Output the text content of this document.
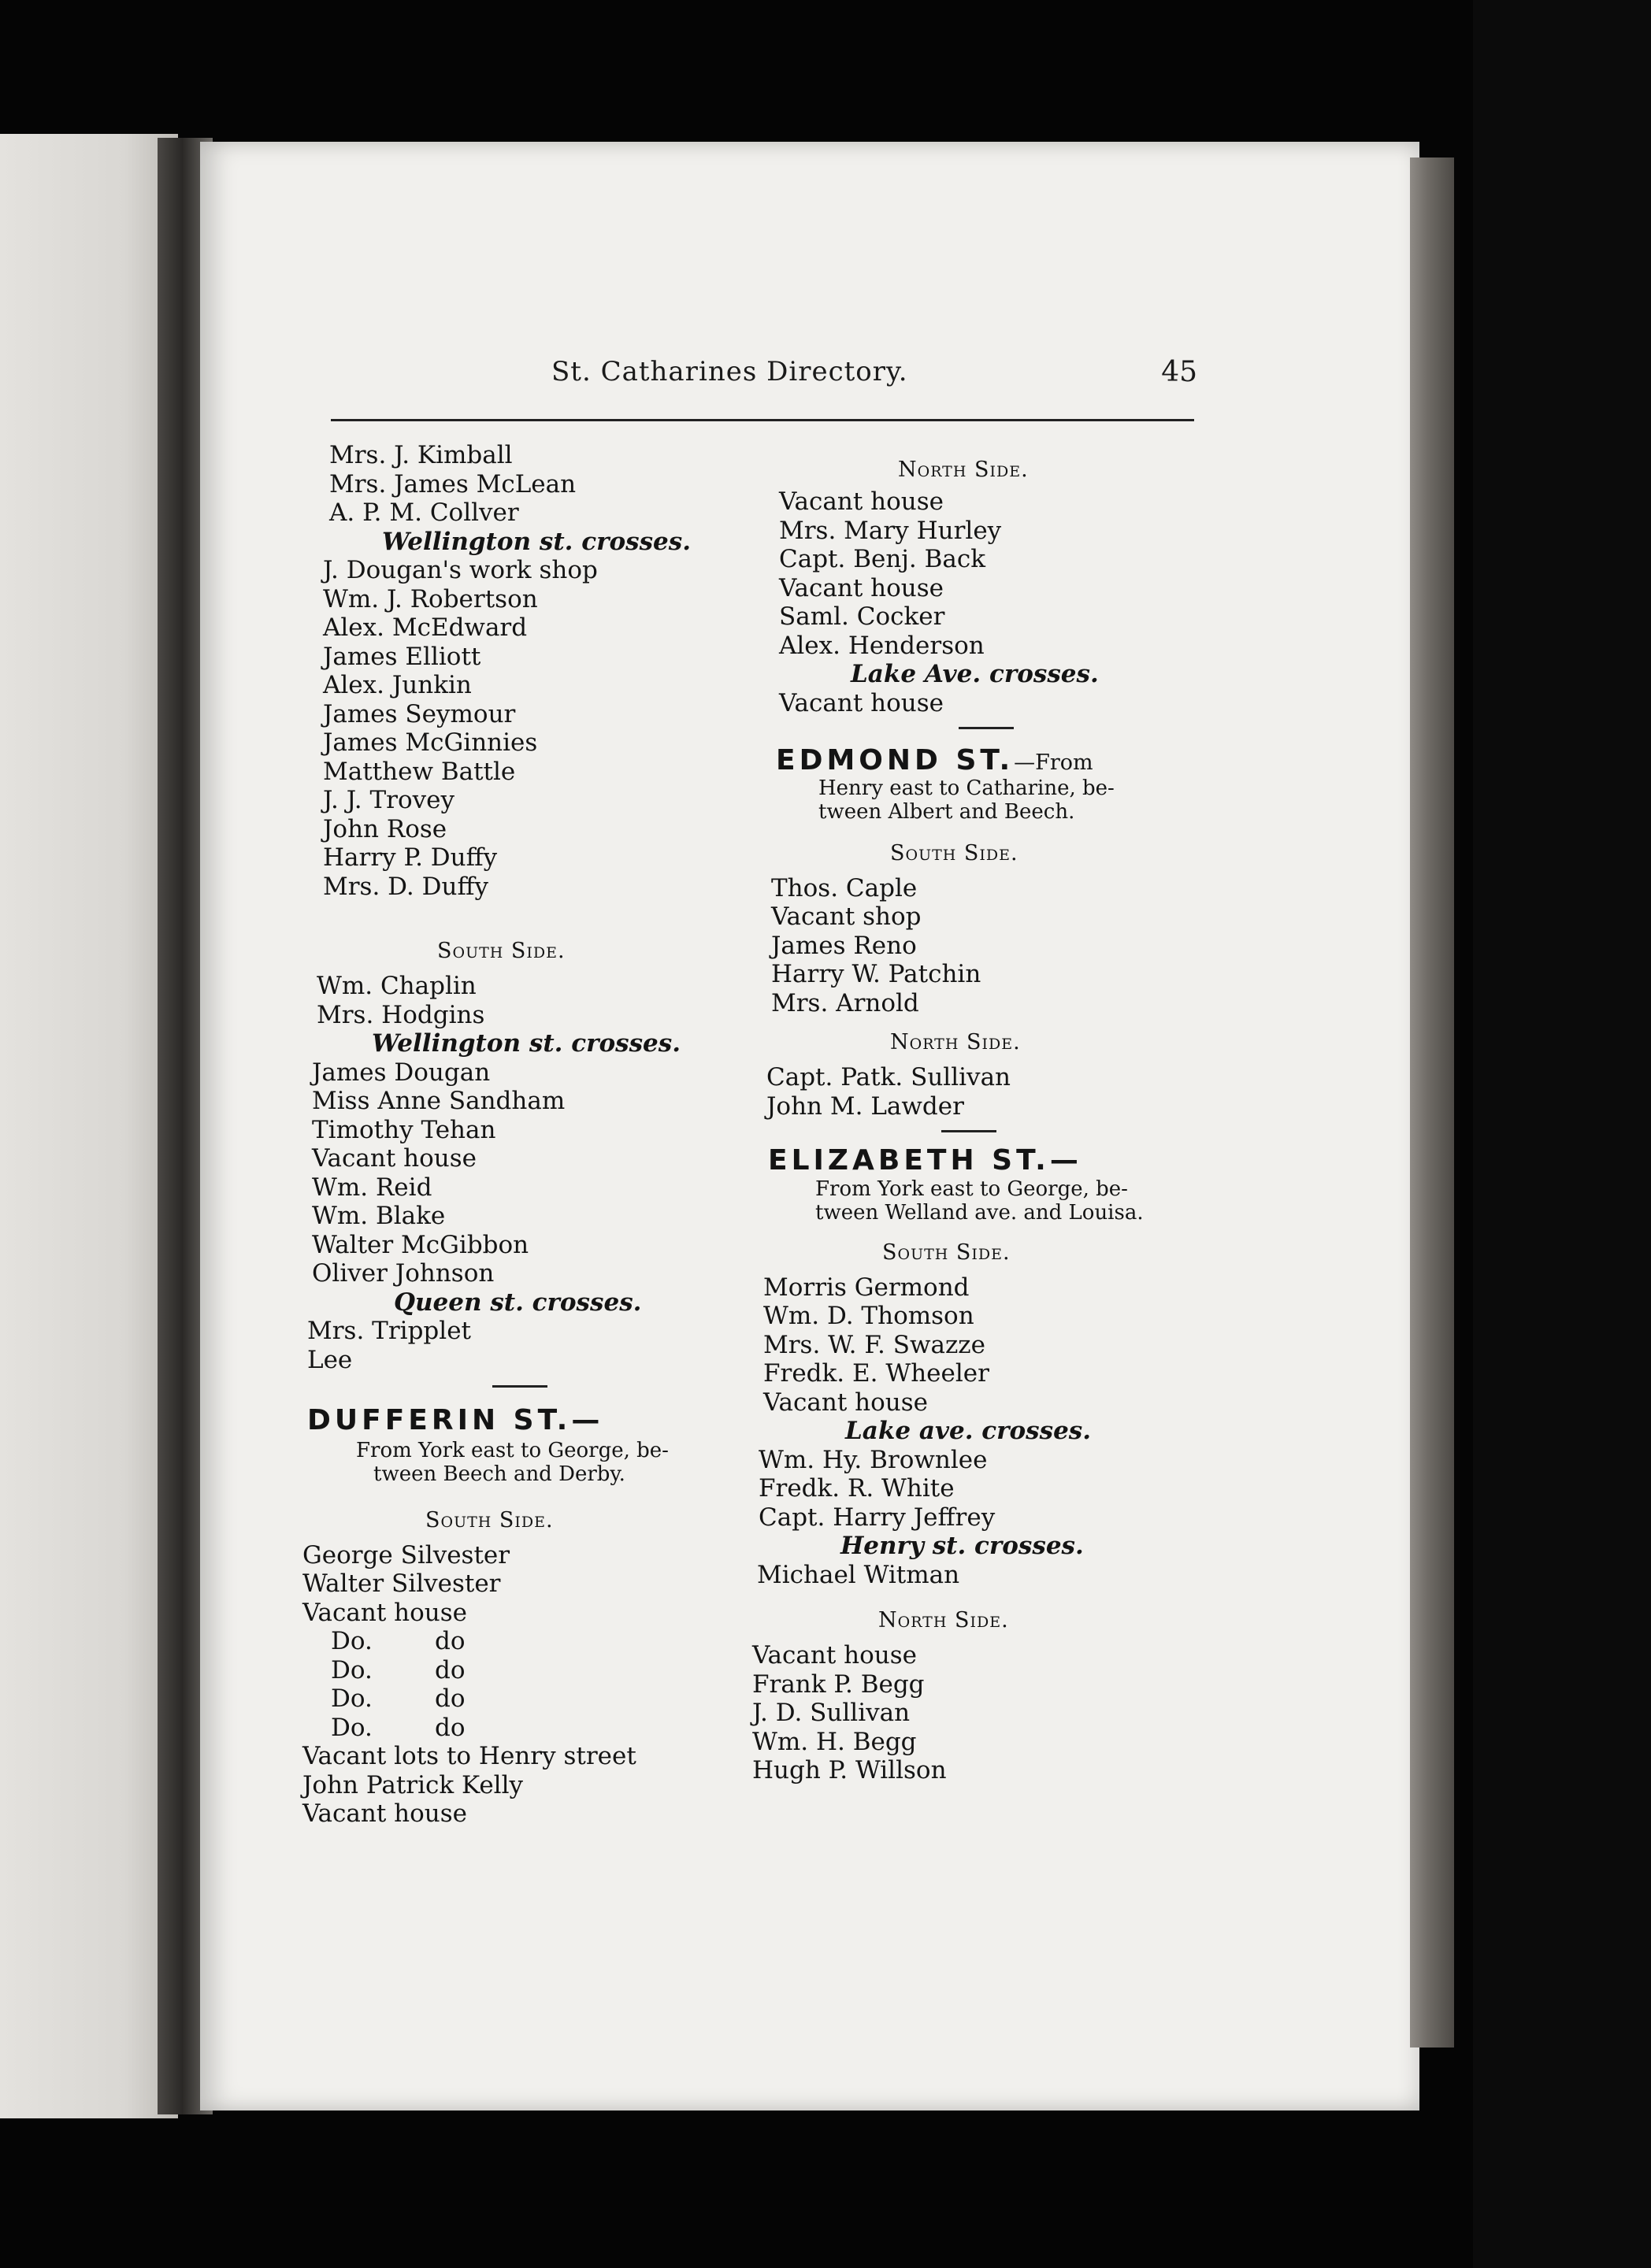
St. Catharines Directory.	45
Mrs. J. Kimball
Mrs. James McLean
A. P. M. Collver
Wellington st. crosses.
J. Dougan's work shop
Wm. J. Robertson
Alex. McEdward
James Elliott
Alex. Junkin
James Seymour
James McGinnies
Matthew Battle
J. J. Trovey
John Rose
Harry P. Duffy
Mrs. D. Duffy
South Side.
Wm. Chaplin
Mrs. Hodgins
Wellington st. crosses.
James Dougan
Miss Anne Sandham
Timothy Tehan
Vacant house
Wm. Reid
Wm. Blake
Walter McGibbon
Oliver Johnson
Queen st. crosses.
Mrs. Tripplet
Lee
DUFFERIN ST.—
From York east to George, be-
tween Beech and Derby.
South Side.
George Silvester
Walter Silvester
Vacant house
Do.	do
Do.	do
Do.	do
Do.	do
Vacant lots to Henry street
John Patrick Kelly
Vacant house
North Side.
Vacant house
Mrs. Mary Hurley
Capt. Benj. Back
Vacant house
Saml. Cocker
Alex. Henderson
Lake Ave. crosses.
Vacant house
EDMOND ST.—From
Henry east to Catharine, be-
tween Albert and Beech.
South Side.
Thos. Caple
Vacant shop
James Reno
Harry W. Patchin
Mrs. Arnold
North Side.
Capt. Patk. Sullivan
John M. Lawder
ELIZABETH ST.—
From York east to George, be-
tween Welland ave. and Louisa.
South Side.
Morris Germond
Wm. D. Thomson
Mrs. W. F. Swazze
Fredk. E. Wheeler
Vacant house
Lake ave. crosses.
Wm. Hy. Brownlee
Fredk. R. White
Capt. Harry Jeffrey
Henry st. crosses.
Michael Witman
North Side.
Vacant house
Frank P. Begg
J. D. Sullivan
Wm. H. Begg
Hugh P. Willson
